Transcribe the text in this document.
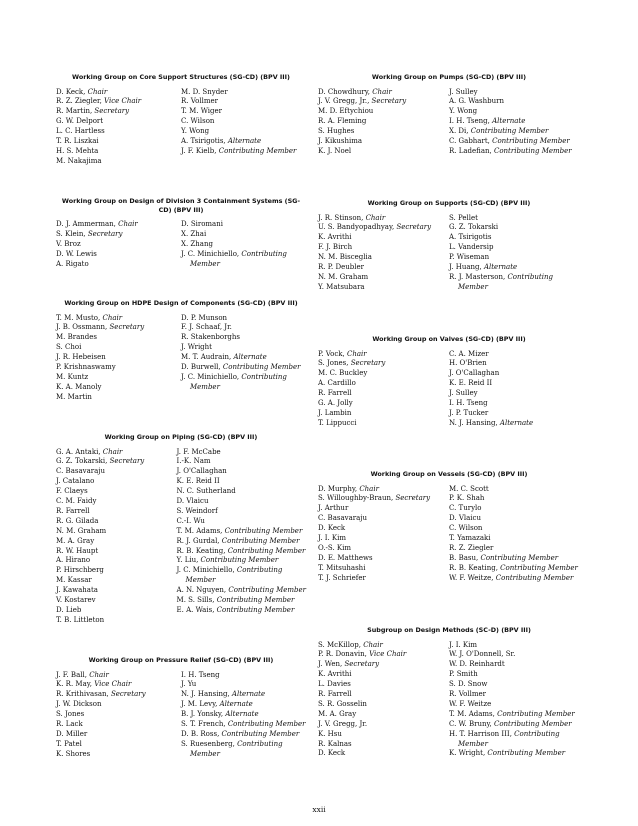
Working Group on Core Support Structures (SG-CD) (BPV III)
D. Keck, Chair
R. Z. Ziegler, Vice Chair
R. Martin, Secretary
G. W. Delport
L. C. Hartless
T. R. Liszkai
H. S. Mehta
M. Nakajima
M. D. Snyder
R. Vollmer
T. M. Wiger
C. Wilson
Y. Wong
A. Tsirigotis, Alternate
J. F. Kielb, Contributing Member
Working Group on Design of Division 3 Containment Systems (SG-CD) (BPV III)
D. J. Ammerman, Chair
S. Klein, Secretary
V. Broz
D. W. Lewis
A. Rigato
D. Siromani
X. Zhai
X. Zhang
J. C. Minichiello, Contributing Member
Working Group on HDPE Design of Components (SG-CD) (BPV III)
T. M. Musto, Chair
J. B. Ossmann, Secretary
M. Brandes
S. Choi
J. R. Hebeisen
P. Krishnaswamy
M. Kuntz
K. A. Manoly
M. Martin
D. P. Munson
F. J. Schaaf, Jr.
R. Stakenborghs
J. Wright
M. T. Audrain, Alternate
D. Burwell, Contributing Member
J. C. Minichiello, Contributing Member
Working Group on Piping (SG-CD) (BPV III)
G. A. Antaki, Chair
G. Z. Tokarski, Secretary
C. Basavaraju
J. Catalano
F. Claeys
C. M. Faidy
R. Farrell
R. G. Gilada
N. M. Graham
M. A. Gray
R. W. Haupt
A. Hirano
P. Hirschberg
M. Kassar
J. Kawahata
V. Kostarev
D. Lieb
T. B. Littleton
J. F. McCabe
I.-K. Nam
J. O'Callaghan
K. E. Reid II
N. C. Sutherland
D. Vlaicu
S. Weindorf
C.-I. Wu
T. M. Adams, Contributing Member
R. J. Gurdal, Contributing Member
R. B. Keating, Contributing Member
Y. Liu, Contributing Member
J. C. Minichiello, Contributing Member
A. N. Nguyen, Contributing Member
M. S. Sills, Contributing Member
E. A. Wais, Contributing Member
Working Group on Pressure Relief (SG-CD) (BPV III)
J. F. Ball, Chair
K. R. May, Vice Chair
R. Krithivasan, Secretary
J. W. Dickson
S. Jones
R. Lack
D. Miller
T. Patel
K. Shores
I. H. Tseng
J. Yu
N. J. Hansing, Alternate
J. M. Levy, Alternate
B. J. Yonsky, Alternate
S. T. French, Contributing Member
D. B. Ross, Contributing Member
S. Ruesenberg, Contributing Member
Working Group on Pumps (SG-CD) (BPV III)
D. Chowdhury, Chair
J. V. Gregg, Jr., Secretary
M. D. Eftychiou
R. A. Fleming
S. Hughes
J. Kikushima
K. J. Noel
J. Sulley
A. G. Washburn
Y. Wong
I. H. Tseng, Alternate
X. Di, Contributing Member
C. Gabhart, Contributing Member
R. Ladefian, Contributing Member
Working Group on Supports (SG-CD) (BPV III)
J. R. Stinson, Chair
U. S. Bandyopadhyay, Secretary
K. Avrithi
F. J. Birch
N. M. Bisceglia
R. P. Deubler
N. M. Graham
Y. Matsubara
S. Pellet
G. Z. Tokarski
A. Tsirigotis
L. Vandersip
P. Wiseman
J. Huang, Alternate
R. J. Masterson, Contributing Member
Working Group on Valves (SG-CD) (BPV III)
P. Vock, Chair
S. Jones, Secretary
M. C. Buckley
A. Cardillo
R. Farrell
G. A. Jolly
J. Lambin
T. Lippucci
C. A. Mizer
H. O'Brien
J. O'Callaghan
K. E. Reid II
J. Sulley
I. H. Tseng
J. P. Tucker
N. J. Hansing, Alternate
Working Group on Vessels (SG-CD) (BPV III)
D. Murphy, Chair
S. Willoughby-Braun, Secretary
J. Arthur
C. Basavaraju
D. Keck
J. I. Kim
O.-S. Kim
D. E. Matthews
T. Mitsuhashi
T. J. Schriefer
M. C. Scott
P. K. Shah
C. Turylo
D. Vlaicu
C. Wilson
T. Yamazaki
R. Z. Ziegler
B. Basu, Contributing Member
R. B. Keating, Contributing Member
W. F. Weitze, Contributing Member
Subgroup on Design Methods (SC-D) (BPV III)
S. McKillop, Chair
P. R. Donavin, Vice Chair
J. Wen, Secretary
K. Avrithi
L. Davies
R. Farrell
S. R. Gosselin
M. A. Gray
J. V. Gregg, Jr.
K. Hsu
R. Kalnas
D. Keck
J. I. Kim
W. J. O'Donnell, Sr.
W. D. Reinhardt
P. Smith
S. D. Snow
R. Vollmer
W. F. Weitze
T. M. Adams, Contributing Member
C. W. Bruny, Contributing Member
H. T. Harrison III, Contributing Member
K. Wright, Contributing Member
xxii
